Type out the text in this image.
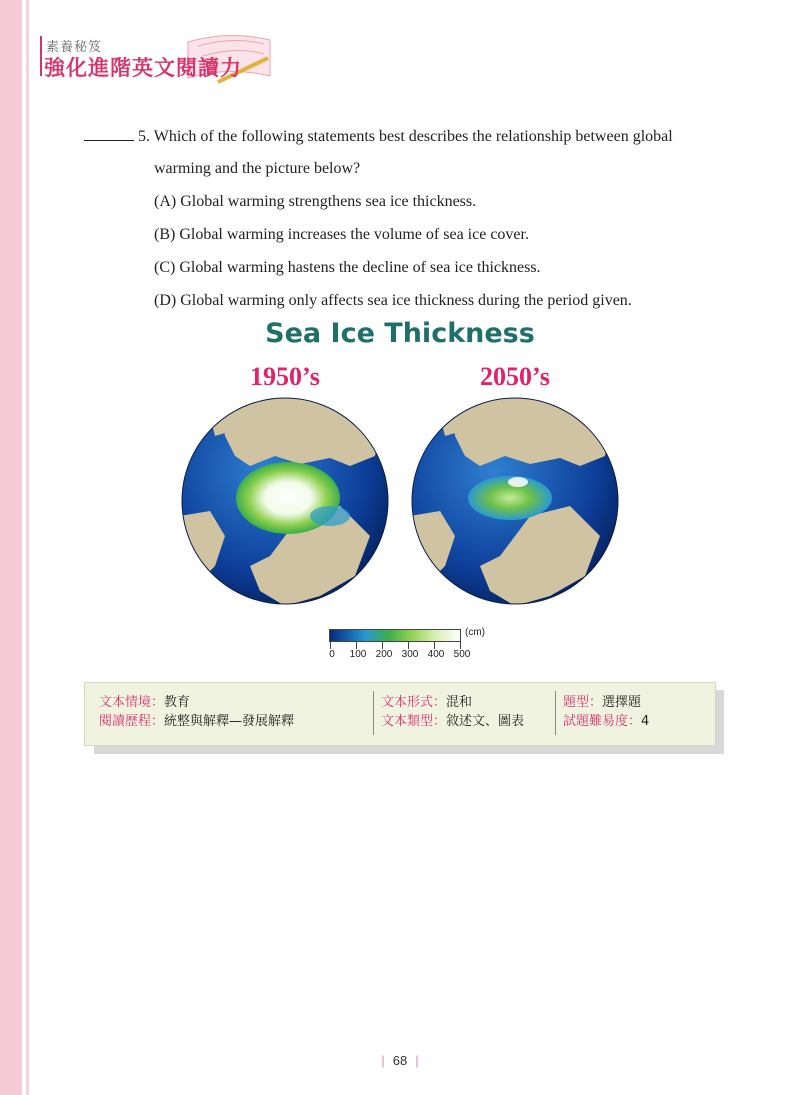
素養秘笈
強化進階英文閱讀力
5. Which of the following statements best describes the relationship between global
warming and the picture below?
(A) Global warming strengthens sea ice thickness.
(B) Global warming increases the volume of sea ice cover.
(C) Global warming hastens the decline of sea ice thickness.
(D) Global warming only affects sea ice thickness during the period given.
Sea Ice Thickness
1950’s	2050’s
(cm)
0 100 200 300 400 500
文本情境：教育
閱讀歷程：統整與解釋—發展解釋
文本形式：混和
文本類型：敘述文、圖表
題型：選擇題
試題難易度：4
| 68 |
